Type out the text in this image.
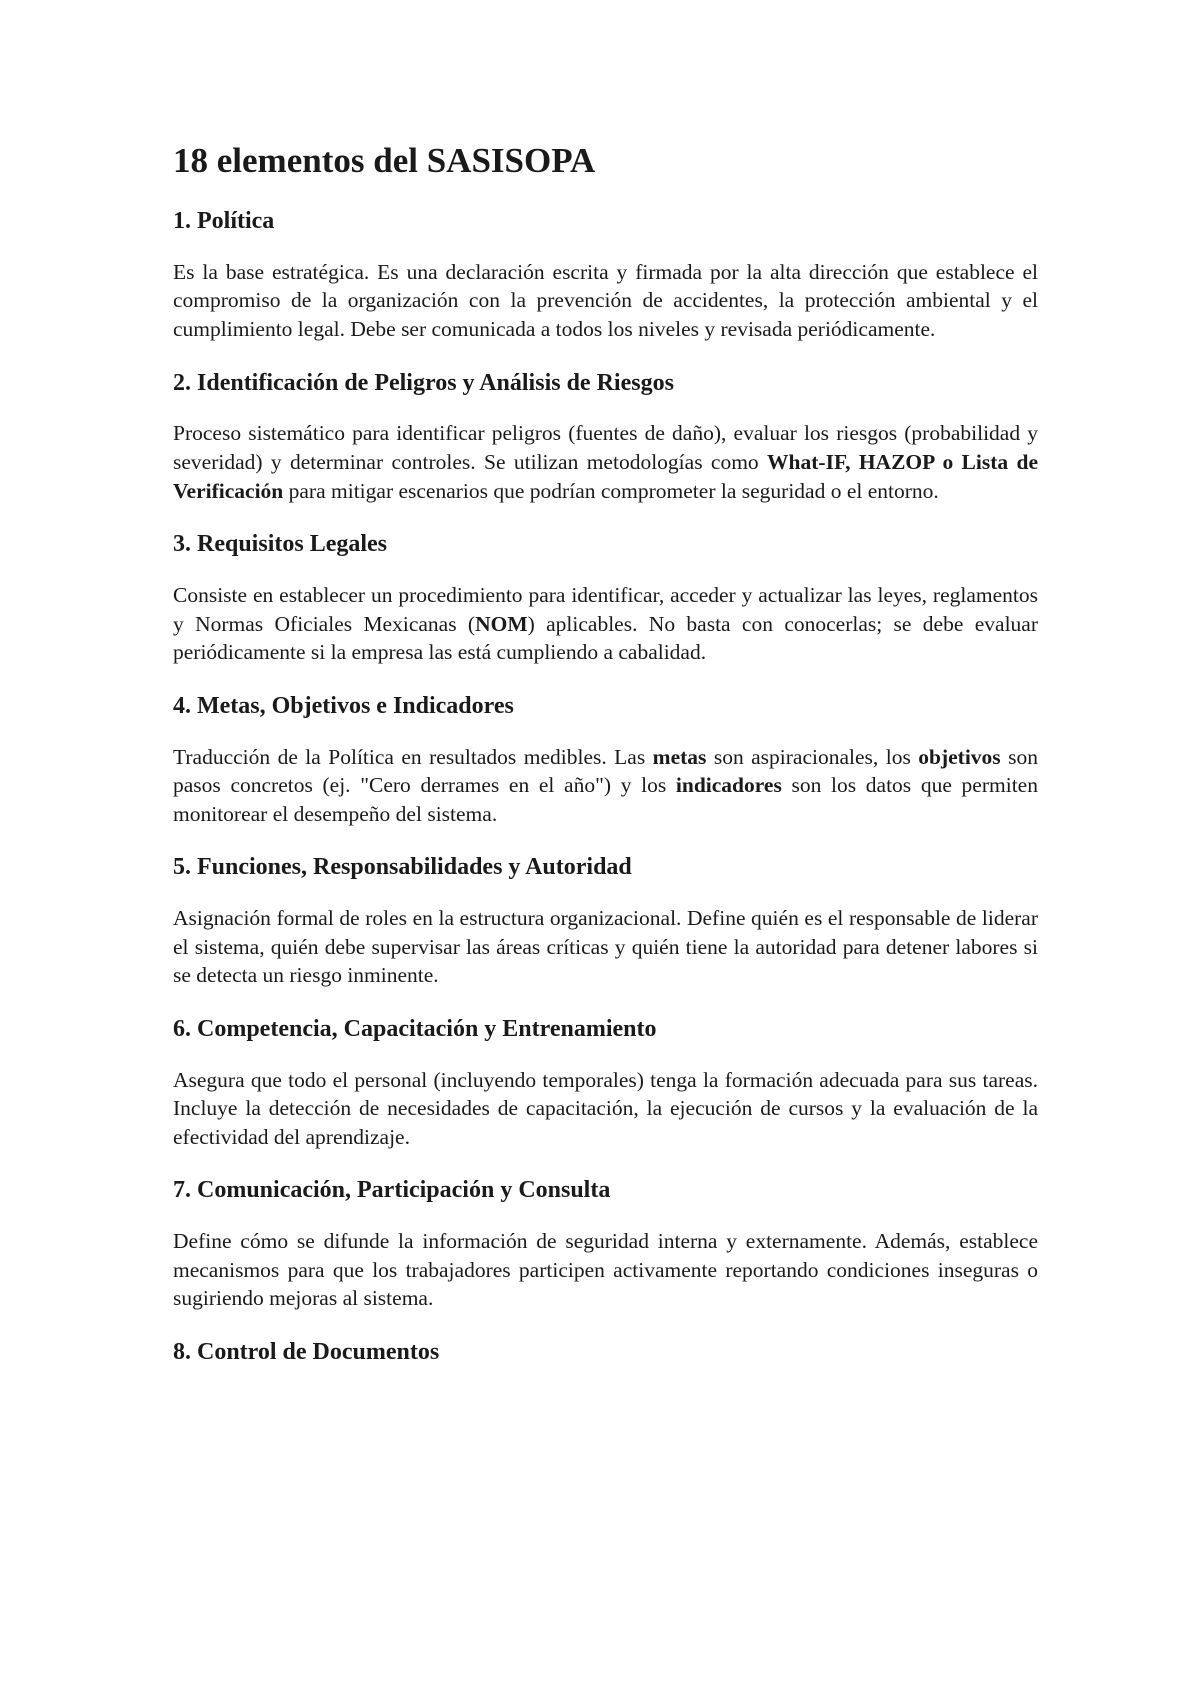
18 elementos del SASISOPA
1. Política

Es la base estratégica. Es una declaración escrita y firmada por la alta dirección que establece el compromiso de la organización con la prevención de accidentes, la protección ambiental y el cumplimiento legal. Debe ser comunicada a todos los niveles y revisada periódicamente.

2. Identificación de Peligros y Análisis de Riesgos

Proceso sistemático para identificar peligros (fuentes de daño), evaluar los riesgos (probabilidad y severidad) y determinar controles. Se utilizan metodologías como What-IF, HAZOP o Lista de Verificación para mitigar escenarios que podrían comprometer la seguridad o el entorno.

3. Requisitos Legales

Consiste en establecer un procedimiento para identificar, acceder y actualizar las leyes, reglamentos y Normas Oficiales Mexicanas (NOM) aplicables. No basta con conocerlas; se debe evaluar periódicamente si la empresa las está cumpliendo a cabalidad.

4. Metas, Objetivos e Indicadores

Traducción de la Política en resultados medibles. Las metas son aspiracionales, los objetivos son pasos concretos (ej. "Cero derrames en el año") y los indicadores son los datos que permiten monitorear el desempeño del sistema.

5. Funciones, Responsabilidades y Autoridad

Asignación formal de roles en la estructura organizacional. Define quién es el responsable de liderar el sistema, quién debe supervisar las áreas críticas y quién tiene la autoridad para detener labores si se detecta un riesgo inminente.

6. Competencia, Capacitación y Entrenamiento

Asegura que todo el personal (incluyendo temporales) tenga la formación adecuada para sus tareas. Incluye la detección de necesidades de capacitación, la ejecución de cursos y la evaluación de la efectividad del aprendizaje.

7. Comunicación, Participación y Consulta

Define cómo se difunde la información de seguridad interna y externamente. Además, establece mecanismos para que los trabajadores participen activamente reportando condiciones inseguras o sugiriendo mejoras al sistema.

8. Control de Documentos
